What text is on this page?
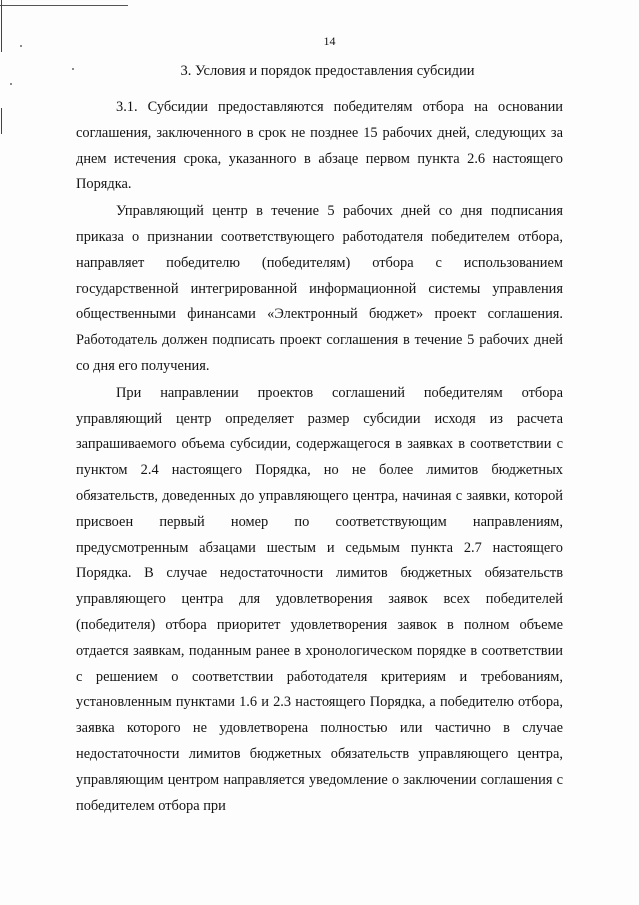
14
3. Условия и порядок предоставления субсидии

3.1. Субсидии предоставляются победителям отбора на основании соглашения, заключенного в срок не позднее 15 рабочих дней, следующих за днем истечения срока, указанного в абзаце первом пункта 2.6 настоящего Порядка.

Управляющий центр в течение 5 рабочих дней со дня подписания приказа о признании соответствующего работодателя победителем отбора, направляет победителю (победителям) отбора с использованием государственной интегрированной информационной системы управления общественными финансами «Электронный бюджет» проект соглашения. Работодатель должен подписать проект соглашения в течение 5 рабочих дней со дня его получения.

При направлении проектов соглашений победителям отбора управляющий центр определяет размер субсидии исходя из расчета запрашиваемого объема субсидии, содержащегося в заявках в соответствии с пунктом 2.4 настоящего Порядка, но не более лимитов бюджетных обязательств, доведенных до управляющего центра, начиная с заявки, которой присвоен первый номер по соответствующим направлениям, предусмотренным абзацами шестым и седьмым пункта 2.7 настоящего Порядка. В случае недостаточности лимитов бюджетных обязательств управляющего центра для удовлетворения заявок всех победителей (победителя) отбора приоритет удовлетворения заявок в полном объеме отдается заявкам, поданным ранее в хронологическом порядке в соответствии с решением о соответствии работодателя критериям и требованиям, установленным пунктами 1.6 и 2.3 настоящего Порядка, а победителю отбора, заявка которого не удовлетворена полностью или частично в случае недостаточности лимитов бюджетных обязательств управляющего центра, управляющим центром направляется уведомление о заключении соглашения с победителем отбора при
